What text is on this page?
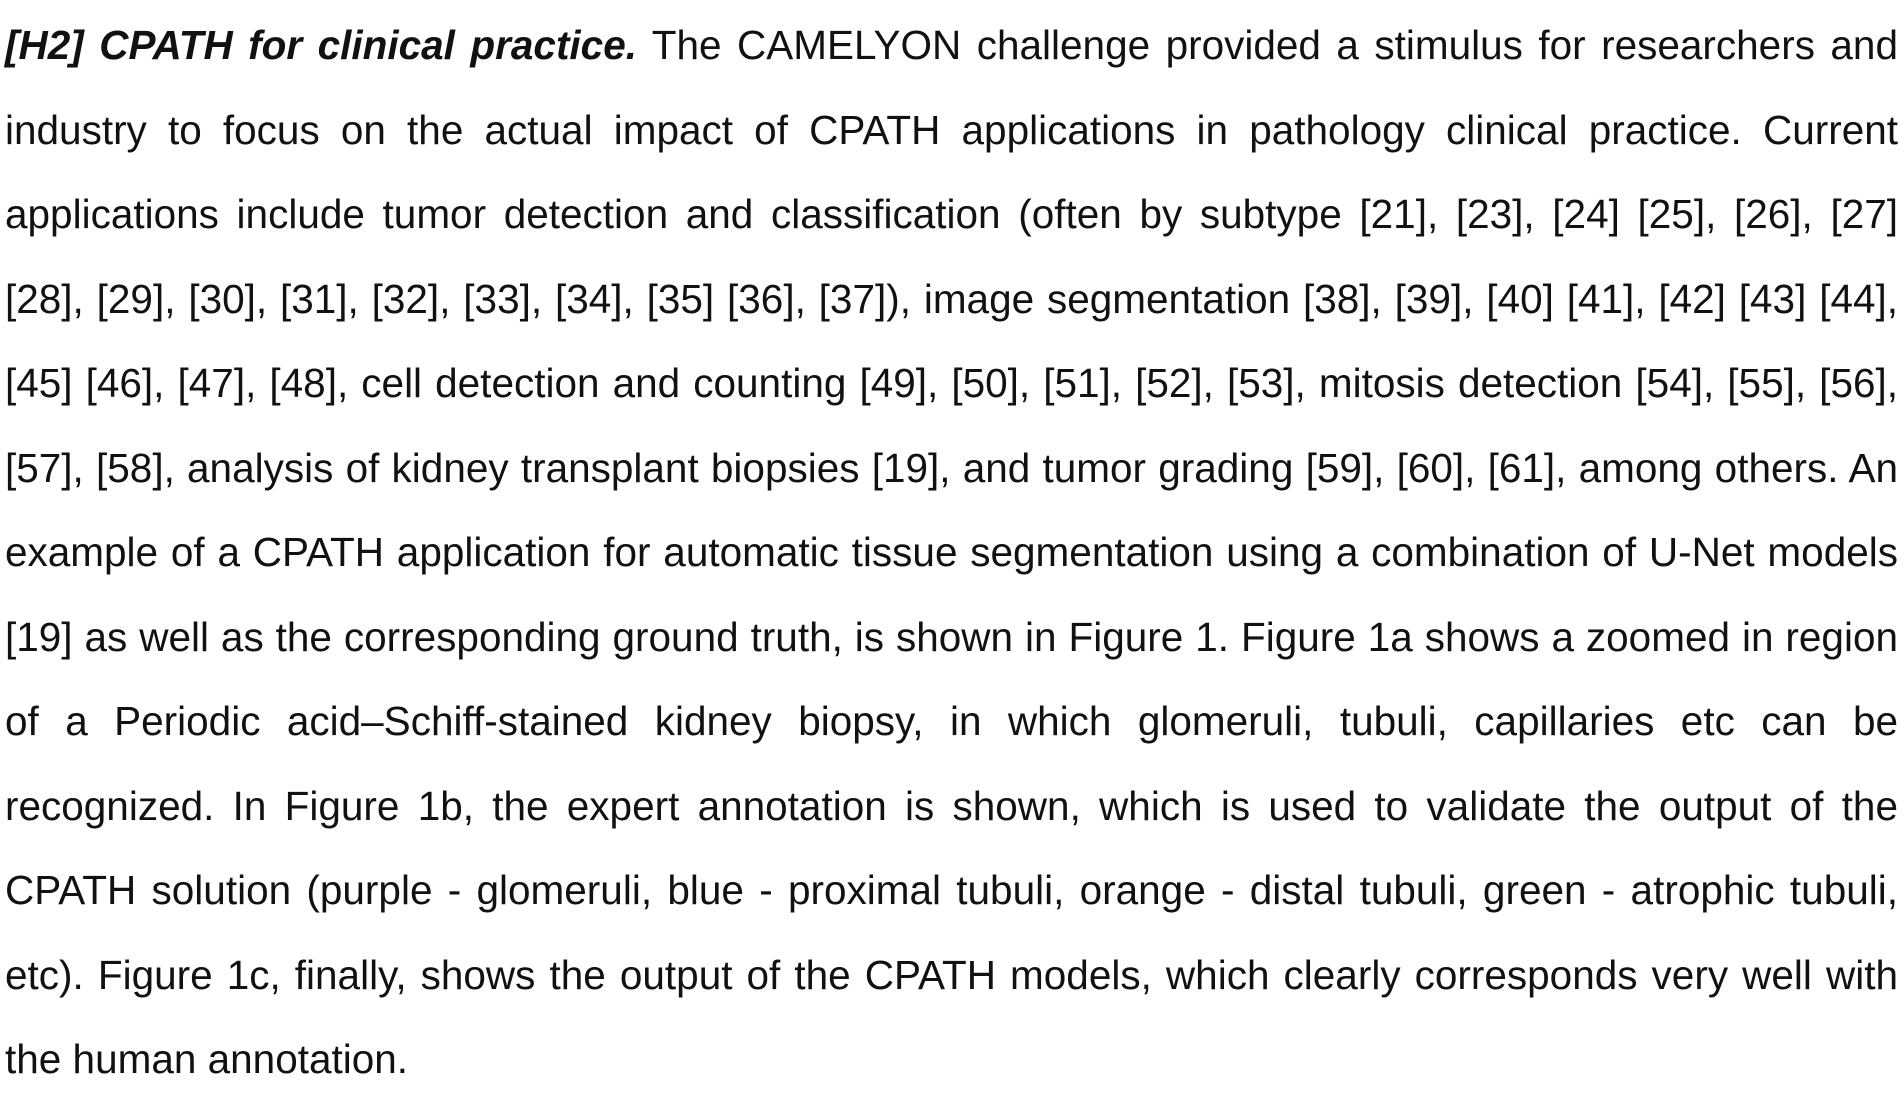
[H2] CPATH for clinical practice. The CAMELYON challenge provided a stimulus for researchers and industry to focus on the actual impact of CPATH applications in pathology clinical practice. Current applications include tumor detection and classification (often by subtype [21], [23], [24] [25], [26], [27] [28], [29], [30], [31], [32], [33], [34], [35] [36], [37]), image segmentation [38], [39], [40] [41], [42] [43] [44], [45] [46], [47], [48], cell detection and counting [49], [50], [51], [52], [53], mitosis detection [54], [55], [56], [57], [58], analysis of kidney transplant biopsies [19], and tumor grading [59], [60], [61], among others. An example of a CPATH application for automatic tissue segmentation using a combination of U-Net models [19] as well as the corresponding ground truth, is shown in Figure 1. Figure 1a shows a zoomed in region of a Periodic acid–Schiff-stained kidney biopsy, in which glomeruli, tubuli, capillaries etc can be recognized. In Figure 1b, the expert annotation is shown, which is used to validate the output of the CPATH solution (purple - glomeruli, blue - proximal tubuli, orange - distal tubuli, green - atrophic tubuli, etc). Figure 1c, finally, shows the output of the CPATH models, which clearly corresponds very well with the human annotation.
